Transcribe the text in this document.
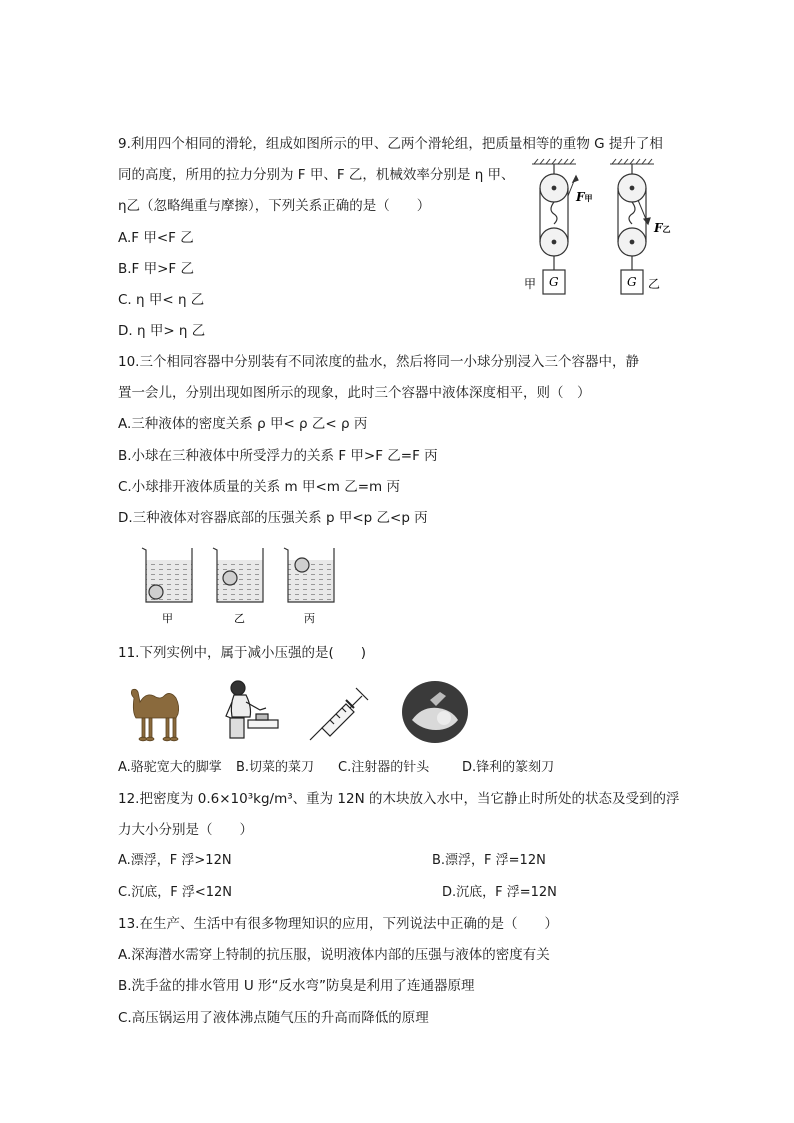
9.利用四个相同的滑轮，组成如图所示的甲、乙两个滑轮组，把质量相等的重物 G 提升了相
同的高度，所用的拉力分别为 F 甲、F 乙，机械效率分别是 η 甲、
η乙（忽略绳重与摩擦），下列关系正确的是（　　）
A.F 甲<F 乙
B.F 甲>F 乙
C. η 甲< η 乙
D. η 甲> η 乙
F甲
F乙
G	G
甲	乙
10.三个相同容器中分别装有不同浓度的盐水，然后将同一小球分别浸入三个容器中，静
置一会儿，分别出现如图所示的现象，此时三个容器中液体深度相平，则（　）
A.三种液体的密度关系 ρ 甲< ρ 乙< ρ 丙
B.小球在三种液体中所受浮力的关系 F 甲>F 乙=F 丙
C.小球排开液体质量的关系 m 甲<m 乙=m 丙
D.三种液体对容器底部的压强关系 p 甲<p 乙<p 丙
甲	乙	丙
11.下列实例中，属于减小压强的是(　　)
A.骆驼宽大的脚掌 B.切菜的菜刀 C.注射器的针头	D.锋利的篆刻刀
12.把密度为 0.6×10³kg/m³、重为 12N 的木块放入水中，当它静止时所处的状态及受到的浮
力大小分别是（　　）
A.漂浮，F 浮>12N	B.漂浮，F 浮=12N
C.沉底，F 浮<12N	D.沉底，F 浮=12N
13.在生产、生活中有很多物理知识的应用，下列说法中正确的是（　　）
A.深海潜水需穿上特制的抗压服，说明液体内部的压强与液体的密度有关
B.洗手盆的排水管用 U 形“反水弯”防臭是利用了连通器原理
C.高压锅运用了液体沸点随气压的升高而降低的原理
